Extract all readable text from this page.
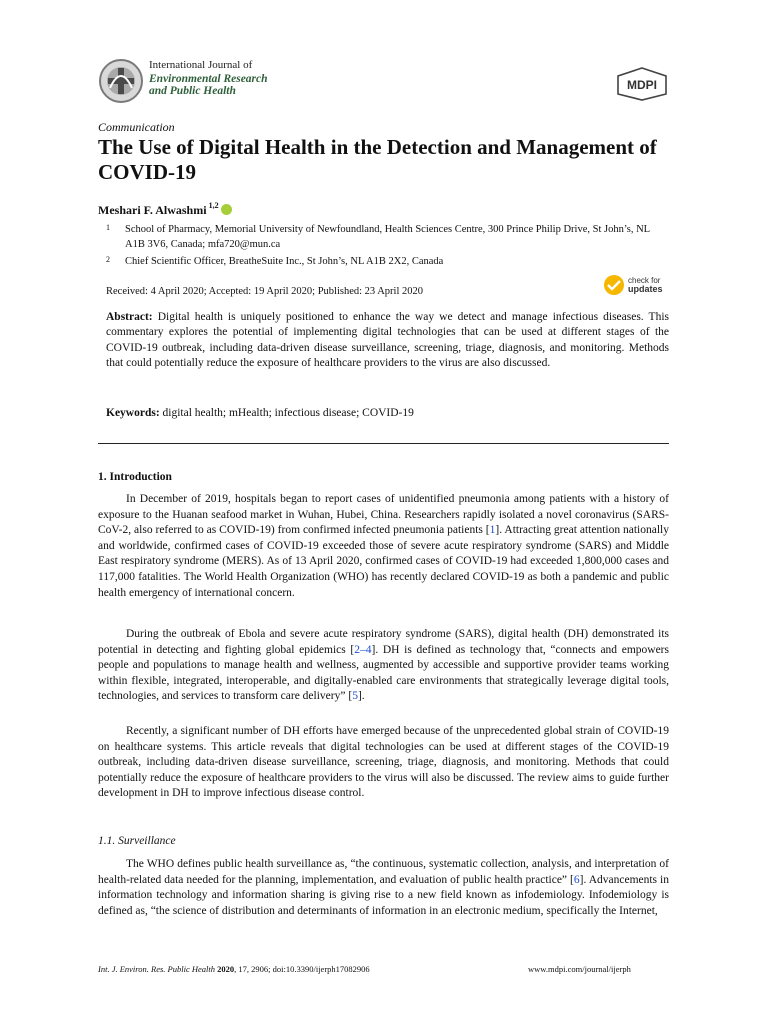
International Journal of
Environmental Research
and Public Health	MDPI
Communication
The Use of Digital Health in the Detection and Management of COVID-19
Meshari F. Alwashmi $^{1,2}$
1 School of Pharmacy, Memorial University of Newfoundland, Health Sciences Centre, 300 Prince Philip Drive, St John’s, NL A1B 3V6, Canada; mfa720@mun.ca
2 Chief Scientific Officer, BreatheSuite Inc., St John’s, NL A1B 2X2, Canada
Received: 4 April 2020; Accepted: 19 April 2020; Published: 23 April 2020
check for
updates
Abstract: Digital health is uniquely positioned to enhance the way we detect and manage infectious diseases. This commentary explores the potential of implementing digital technologies that can be used at different stages of the COVID-19 outbreak, including data-driven disease surveillance, screening, triage, diagnosis, and monitoring. Methods that could potentially reduce the exposure of healthcare providers to the virus are also discussed.
Keywords: digital health; mHealth; infectious disease; COVID-19
1. Introduction
In December of 2019, hospitals began to report cases of unidentified pneumonia among patients with a history of exposure to the Huanan seafood market in Wuhan, Hubei, China. Researchers rapidly isolated a novel coronavirus (SARS-CoV-2, also referred to as COVID-19) from confirmed infected pneumonia patients [1]. Attracting great attention nationally and worldwide, confirmed cases of COVID-19 exceeded those of severe acute respiratory syndrome (SARS) and Middle East respiratory syndrome (MERS). As of 13 April 2020, confirmed cases of COVID-19 had exceeded 1,800,000 cases and 117,000 fatalities. The World Health Organization (WHO) has recently declared COVID-19 as both a pandemic and public health emergency of international concern.
During the outbreak of Ebola and severe acute respiratory syndrome (SARS), digital health (DH) demonstrated its potential in detecting and fighting global epidemics [2–4]. DH is defined as technology that, “connects and empowers people and populations to manage health and wellness, augmented by accessible and supportive provider teams working within flexible, integrated, interoperable, and digitally-enabled care environments that strategically leverage digital tools, technologies, and services to transform care delivery” [5].
Recently, a significant number of DH efforts have emerged because of the unprecedented global strain of COVID-19 on healthcare systems. This article reveals that digital technologies can be used at different stages of the COVID-19 outbreak, including data-driven disease surveillance, screening, triage, diagnosis, and monitoring. Methods that could potentially reduce the exposure of healthcare providers to the virus will also be discussed. The review aims to guide further development in DH to improve infectious disease control.
1.1. Surveillance
The WHO defines public health surveillance as, “the continuous, systematic collection, analysis, and interpretation of health-related data needed for the planning, implementation, and evaluation of public health practice” [6]. Advancements in information technology and information sharing is giving rise to a new field known as infodemiology. Infodemiology is defined as, “the science of distribution and determinants of information in an electronic medium, specifically the Internet,
Int. J. Environ. Res. Public Health 2020, 17, 2906; doi:10.3390/ijerph17082906	www.mdpi.com/journal/ijerph
